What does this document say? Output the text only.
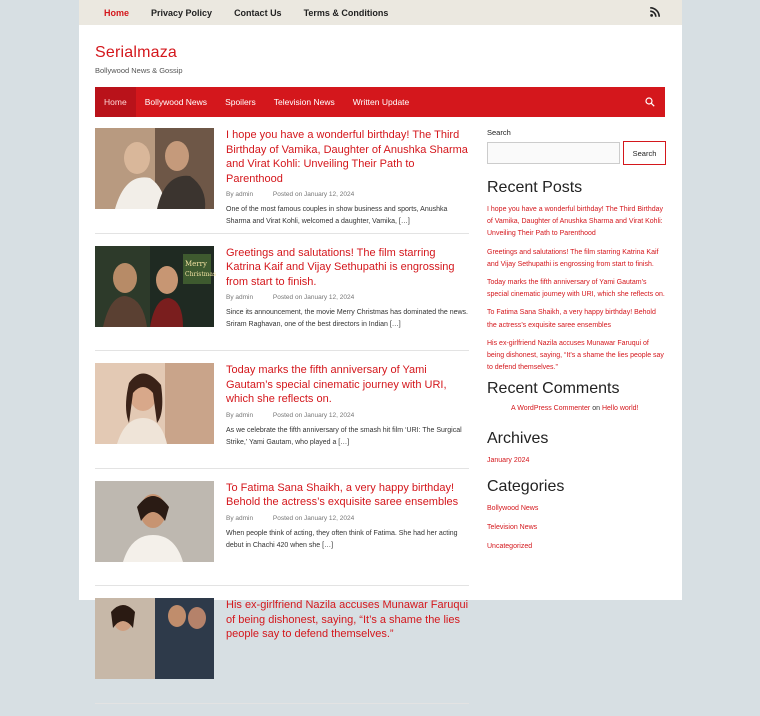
Home Privacy Policy Contact Us Terms & Conditions
Serialmaza
Bollywood News & Gossip
Home	Bollywood News	Spoilers	Television News	Written Update
I hope you have a wonderful birthday! The Third Birthday of Vamika, Daughter of Anushka Sharma and Virat Kohli: Unveiling Their Path to Parenthood
By admin	Posted on January 12, 2024
One of the most famous couples in show business and sports, Anushka Sharma and Virat Kohli, welcomed a daughter, Vamika, […]
Merry
Christmas
Greetings and salutations! The film starring Katrina Kaif and Vijay Sethupathi is engrossing from start to finish.
By admin	Posted on January 12, 2024
Since its announcement, the movie Merry Christmas has dominated the news. Sriram Raghavan, one of the best directors in Indian […]
Today marks the fifth anniversary of Yami Gautam’s special cinematic journey with URI, which she reflects on.
By admin	Posted on January 12, 2024
As we celebrate the fifth anniversary of the smash hit film ‘URI: The Surgical Strike,’ Yami Gautam, who played a […]
To Fatima Sana Shaikh, a very happy birthday! Behold the actress’s exquisite saree ensembles
By admin	Posted on January 12, 2024
When people think of acting, they often think of Fatima. She had her acting debut in Chachi 420 when she […]
His ex-girlfriend Nazila accuses Munawar Faruqui of being dishonest, saying, “It’s a shame the lies people say to defend themselves.”
Search
Search
Recent Posts
I hope you have a wonderful birthday! The Third Birthday of Vamika, Daughter of Anushka Sharma and Virat Kohli: Unveiling Their Path to Parenthood
Greetings and salutations! The film starring Katrina Kaif and Vijay Sethupathi is engrossing from start to finish.
Today marks the fifth anniversary of Yami Gautam’s special cinematic journey with URI, which she reflects on.
To Fatima Sana Shaikh, a very happy birthday! Behold the actress’s exquisite saree ensembles
His ex-girlfriend Nazila accuses Munawar Faruqui of being dishonest, saying, “It’s a shame the lies people say to defend themselves.”
Recent Comments
A WordPress Commenter on Hello world!
Archives
January 2024
Categories
Bollywood News
Television News
Uncategorized
